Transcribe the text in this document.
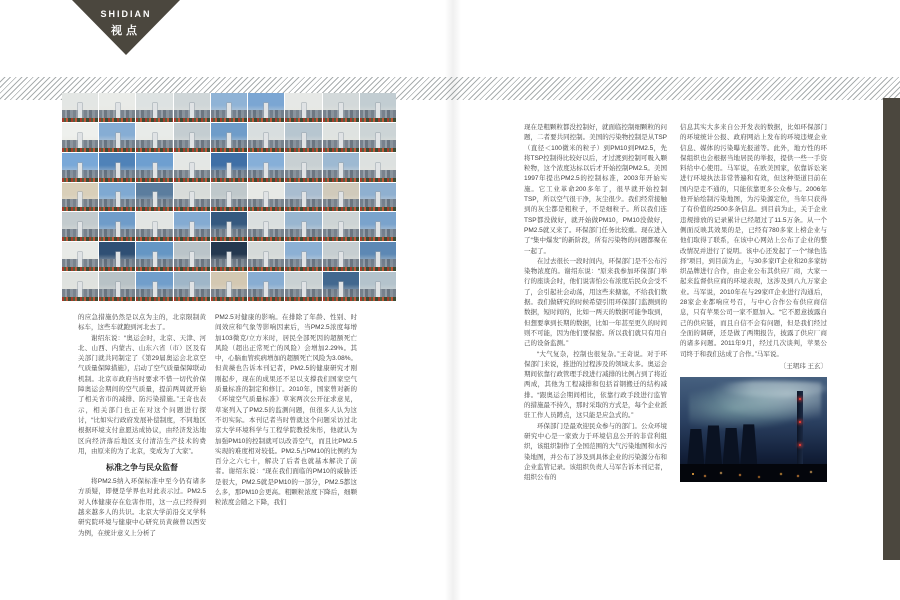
SHIDIAN
视点

的应急措施仍然是以点为主的，北京限制黄标车，这些车就跑到河北去了。

谢绍东说：“奥运会时，北京、天津、河北、山西、内蒙古、山东六省（市）区及有关部门就共同制定了《第29届奥运会北京空气质量保障措施》，启动了空气质量保障联动机制。北京市政府当时要求不惜一切代价保障奥运会期间的空气质量，提前两周就开始了相关省市的减排、防污染措施。”王奇也表示，相关部门也正在对这个问题进行探讨，“比如实行政府发展补偿制度，不同地区根据环境支付意愿达成协议，由经济发达地区向经济落后地区支付清洁生产技术的费用，由原来的为了北京，变成为了大家”。

标准之争与民众监督

将PM2.5纳入环保标准中至今仍有诸多方质疑，即便是学界也对此表示过。PM2.5对人体健康存在危害作用，这一点已经得到越来越多人的共识。北京大学前沿交叉学科研究院环境与健康中心研究员黄薇曾以西安为例，在统计意义上分析了

PM2.5对健康的影响。在排除了年龄、性别、时间效应和气象等影响因素后，当PM2.5浓度每增加103微克/立方米时，居民全部死因的超额死亡风险（超出正常死亡的风险）会增加2.29%。其中，心脑血管疾病增加的超额死亡风险为3.08%。但黄薇也告诉本刊记者，PM2.5的健康研究才刚刚起步，现在的成果还不足以支撑我们国家空气质量标准的制定和修订。2010年，国家曾对新的《环境空气质量标准》草案两次公开征求意见，草案列入了PM2.5的监测问题，但很多人认为这不切实际。本刊记者当时曾就这个问题采访过北京大学环境科学与工程学院教授朱彤，他就认为加强PM10的控制就可以改善空气，而且比PM2.5实现的难度相对较低。PM2.5占PM10的比例约为百分之六七十，解决了后者也就基本解决了前者。谢绍东说：“现在我们面临的PM10的威胁还是很大，PM2.5就是PM10的一部分，PM2.5都这么多，那PM10会更高。粗颗粒浓度下降后，细颗粒浓度会随之下降，我们

现在是粗颗粒都没控制好，就面临控制细颗粒的问题，二者要共同控制。美国的污染物控制是从TSP（直径＜100微米的粒子）到PM10到PM2.5，先将TSP控制得比较好以后，才过渡到控制可吸入颗粒物，这个浓度达标以后才开始控制PM2.5。美国1997年提出PM2.5的控制标准，2003年开始实施。它工业革命200多年了，很早就开始控制TSP，所以空气很干净，灰尘很少。我们经常接触到的灰尘都是粗粒子，不是细粒子。所以我们连TSP都没做好，就开始做PM10，PM10没做好，PM2.5就又来了。环保部门任务比较重。现在进入了“集中爆发”的新阶段，所有污染物的问题都聚在一起了。

在过去很长一段时间内，环保部门是不公布污染物浓度的。谢绍东说：“原来我参加环保部门举行的座谈会时，他们说害怕公布浓度后民众会受不了，会引起社会动荡，用这些来搪塞，不给我们数据。我们做研究的时候希望引用环保部门监测到的数据，短时间的，比如一两天的数据可能争取到，但想要拿到长期的数据，比如一年甚至更久的时间则不可能，因为他们要保密。所以我们就只有用自己的设备监测。”

“大气复杂，控制也很复杂。”王奇说。对于环保部门来说，推进的过程涉及的领域太多。奥运会期间依靠行政管理手段进行减排的比例占到了将近两成，其他为工程减排和包括首钢搬迁的结构减排。“跟奥运会期间相比，依靠行政手段进行监管的措施最不持久，那时采取的方式是，每个企业派驻工作人员蹲点，这只能是应急式的。”

环保部门是最欢迎民众参与的部门。公众环境研究中心是一家致力于环境信息公开的非营利组织，该组织制作了全国范围的大气污染地图和水污染地图，并公布了涉及到具体企业的污染源分布和企业监管记录。该组织负责人马军告诉本刊记者，组织公布的

信息其实大多来自公开发表的数据，比如环保部门的环境统计公报、政府网站上发布的环境违规企业信息、媒体的污染曝光报道等。此外，地方性的环保组织也会根据当地居民的举报，提供一些一手资料给中心使用。马军说，在欧美国家，依靠诉讼案进行环境执法非常普遍和有效，但这种渠道目前在国内是走不通的，只能依靠更多公众参与。2006年他开始绘制污染地图，为污染源定位，当年只获得了有价值的2500多条信息。到目前为止，关于企业违规排放的记录累计已经超过了11.5万条。从一个侧面反映其效果的是，已经有780多家上榜企业与他们取得了联系，在该中心网站上公布了企业的整改情况并进行了说明。该中心还发起了一个“绿色选择”项目，到目前为止，与30多家IT企业和20多家纺织品牌进行合作，由企业公布其供应厂商，大家一起来监督供应商的环境表现，这涉及到八九万家企业。马军说，2010年在与29家IT企业进行沟通后，28家企业都响应号召，与中心合作公布供应商信息，只有苹果公司一家不愿加入。“它不愿意披露自己的供应链，而且自信不会有问题，但是我们经过全面的调研，还是做了两期报告，披露了供应厂商的诸多问题。2011年9月，经过几次谈判，苹果公司终于和我们达成了合作。”马军说。

〔王珺玮 王玄〕
